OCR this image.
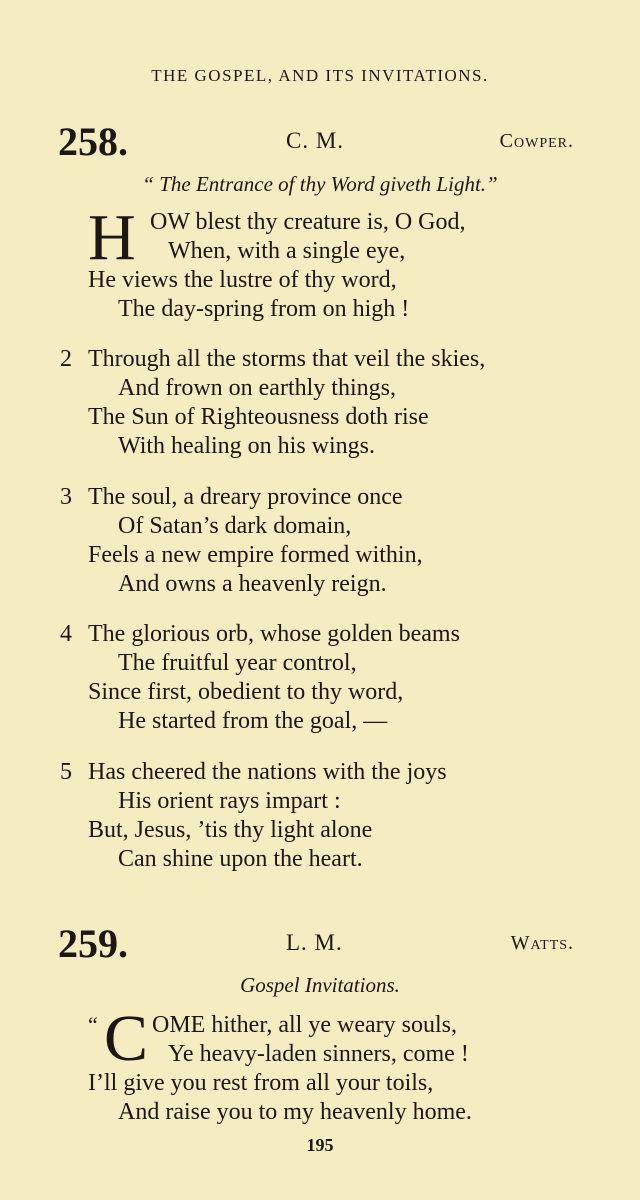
THE GOSPEL, AND ITS INVITATIONS.
258.	C. M.	Cowper.
“ The Entrance of thy Word giveth Light.”
H OW blest thy creature is, O God,
When, with a single eye,
He views the lustre of thy word,
The day-spring from on high !
2 Through all the storms that veil the skies,
And frown on earthly things,
The Sun of Righteousness doth rise
With healing on his wings.
3 The soul, a dreary province once
Of Satan’s dark domain,
Feels a new empire formed within,
And owns a heavenly reign.
4 The glorious orb, whose golden beams
The fruitful year control,
Since first, obedient to thy word,
He started from the goal, —
5 Has cheered the nations with the joys
His orient rays impart :
But, Jesus, ’tis thy light alone
Can shine upon the heart.
259.	L. M.	Watts.
Gospel Invitations.
“ C OME hither, all ye weary souls,
Ye heavy-laden sinners, come !
I’ll give you rest from all your toils,
And raise you to my heavenly home.
195
